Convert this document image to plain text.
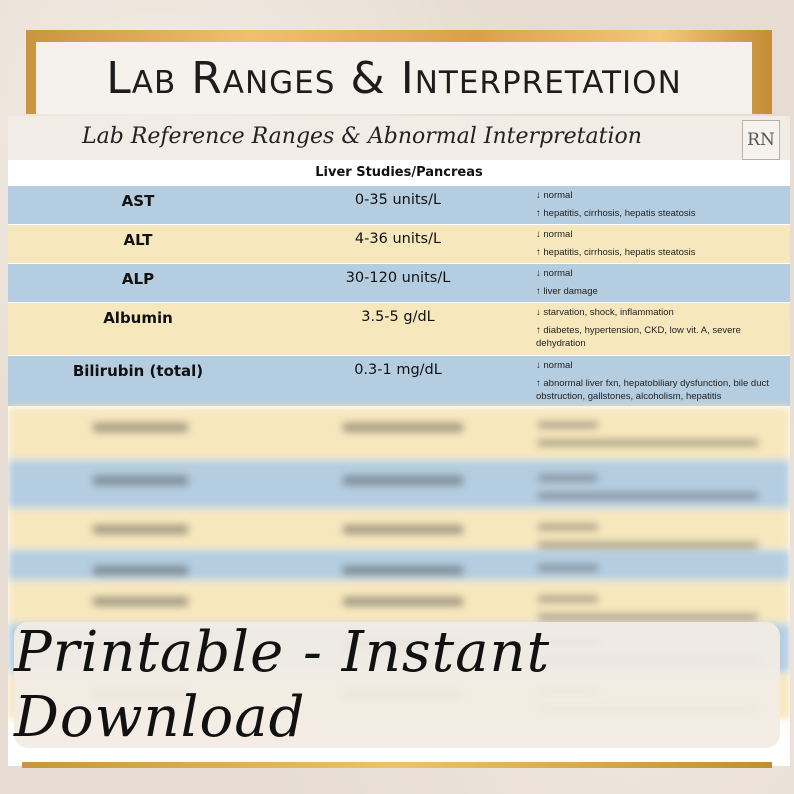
Lab Ranges & Interpretation
Lab Reference Ranges & Abnormal Interpretation	RN
Liver Studies/Pancreas
AST	0-35 units/L	↓ normal
↑ hepatitis, cirrhosis, hepatis steatosis
ALT	4-36 units/L	↓ normal
↑ hepatitis, cirrhosis, hepatis steatosis
ALP	30-120 units/L	↓ normal
↑ liver damage
Albumin	3.5-5 g/dL	↓ starvation, shock, inflammation
↑ diabetes, hypertension, CKD, low vit. A, severe dehydration
Bilirubin (total)	0.3-1 mg/dL	↓ normal
↑ abnormal liver fxn, hepatobiliary dysfunction, bile duct obstruction, gallstones, alcoholism, hepatitis

Printable - Instant Download
